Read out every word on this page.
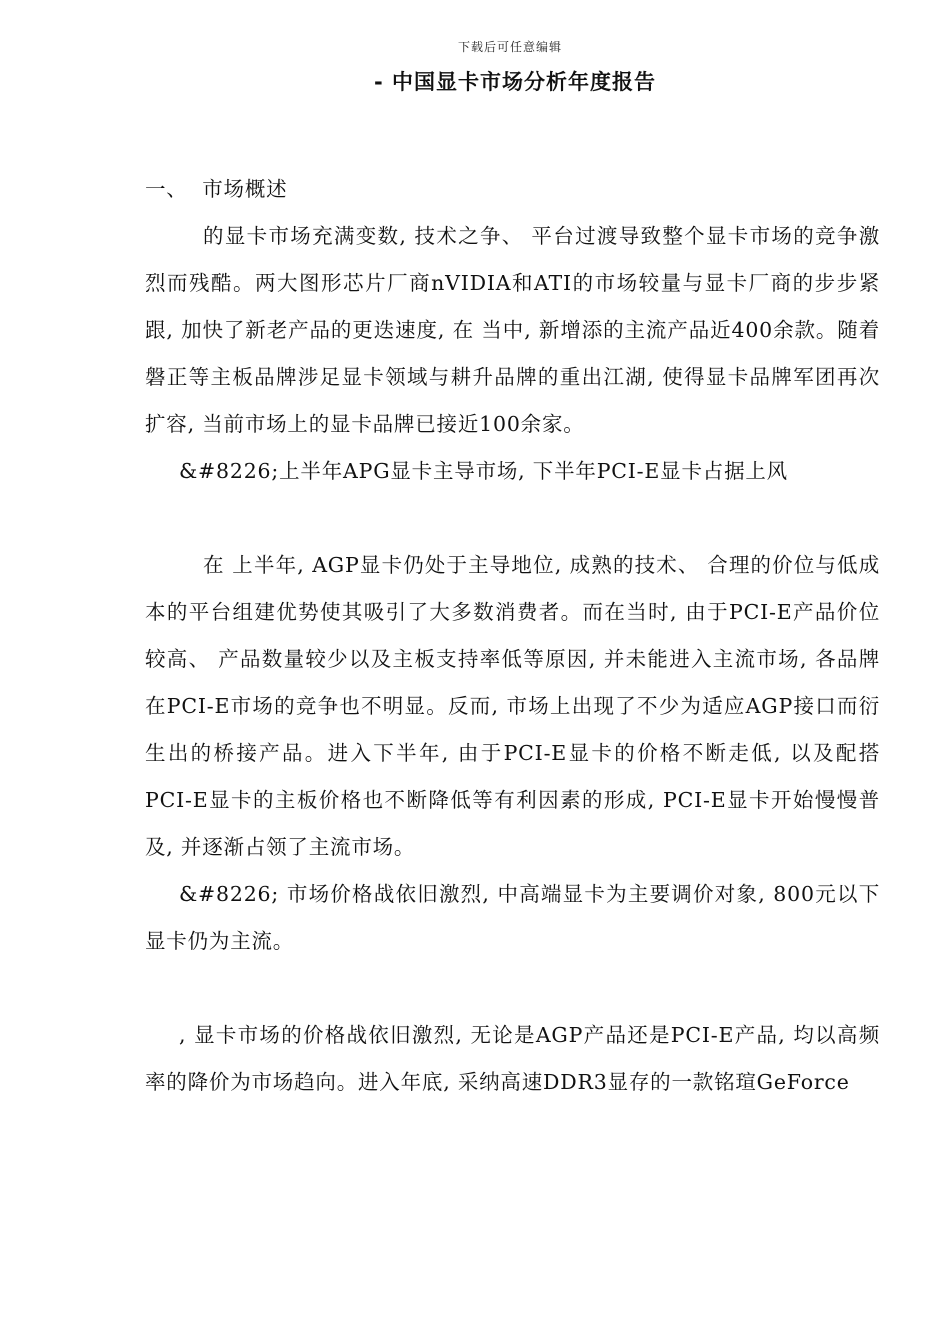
下载后可任意编辑
- 中国显卡市场分析年度报告

一、  市场概述

的显卡市场充满变数, 技术之争、 平台过渡导致整个显卡市场的竞争激烈而残酷。两大图形芯片厂商nVIDIA和ATI的市场较量与显卡厂商的步步紧跟, 加快了新老产品的更迭速度, 在 当中, 新增添的主流产品近400余款。随着磐正等主板品牌涉足显卡领域与耕升品牌的重出江湖, 使得显卡品牌军团再次扩容, 当前市场上的显卡品牌已接近100余家。

&#8226;上半年APG显卡主导市场, 下半年PCI-E显卡占据上风

在 上半年, AGP显卡仍处于主导地位, 成熟的技术、 合理的价位与低成本的平台组建优势使其吸引了大多数消费者。而在当时, 由于PCI-E产品价位较高、 产品数量较少以及主板支持率低等原因, 并未能进入主流市场, 各品牌在PCI-E市场的竞争也不明显。反而, 市场上出现了不少为适应AGP接口而衍生出的桥接产品。进入下半年, 由于PCI-E显卡的价格不断走低, 以及配搭PCI-E显卡的主板价格也不断降低等有利因素的形成, PCI-E显卡开始慢慢普及, 并逐渐占领了主流市场。

&#8226; 市场价格战依旧激烈, 中高端显卡为主要调价对象, 800元以下显卡仍为主流。

, 显卡市场的价格战依旧激烈, 无论是AGP产品还是PCI-E产品, 均以高频率的降价为市场趋向。进入年底, 采纳高速DDR3显存的一款铭瑄GeForce
